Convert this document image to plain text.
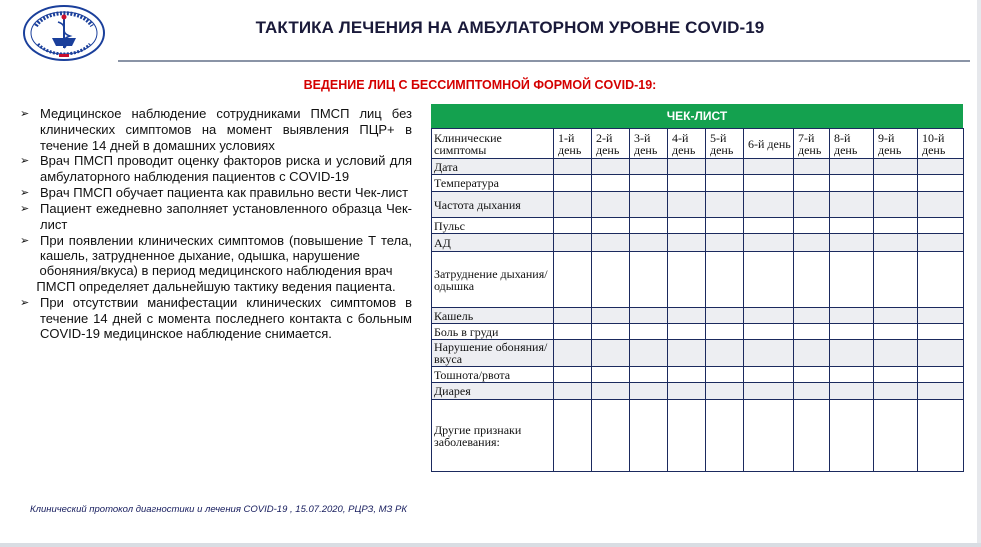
ТАКТИКА ЛЕЧЕНИЯ НА АМБУЛАТОРНОМ УРОВНЕ COVID-19
ВЕДЕНИЕ ЛИЦ С БЕССИМПТОМНОЙ ФОРМОЙ COVID-19:
➢ Медицинское наблюдение сотрудниками ПМСП лиц без клинических симптомов на момент выявления ПЦР+ в течение 14 дней в домашних условиях
➢ Врач ПМСП проводит оценку факторов риска и условий для амбулаторного наблюдения пациентов с COVID-19
➢ Врач ПМСП обучает пациента как правильно вести Чек-лист
➢ Пациент ежедневно заполняет установленного образца Чек-лист
➢ При появлении клинических симптомов (повышение Т тела, кашель, затрудненное дыхание, одышка, нарушение
обоняния/вкуса) в период медицинского наблюдения врач ПМСП определяет дальнейшую тактику ведения пациента.
➢ При отсутствии манифестации клинических симптомов в течение 14 дней с момента последнего контакта с больным COVID-19 медицинское наблюдение снимается.
ЧЕК-ЛИСТ
Клинические симптомы	1-й день	2-й день	3-й день	4-й день	5-й день	6-й день	7-й день	8-й день	9-й день	10-й день
Дата										
Температура										
Частота дыхания										
Пульс										
АД										
Затруднение дыхания/ одышка										
Кашель										
Боль в груди										
Нарушение обоняния/вкуса										
Тошнота/рвота										
Диарея										
Другие признаки заболевания:										

Клинический протокол диагностики и лечения COVID-19 , 15.07.2020, РЦРЗ, МЗ РК
